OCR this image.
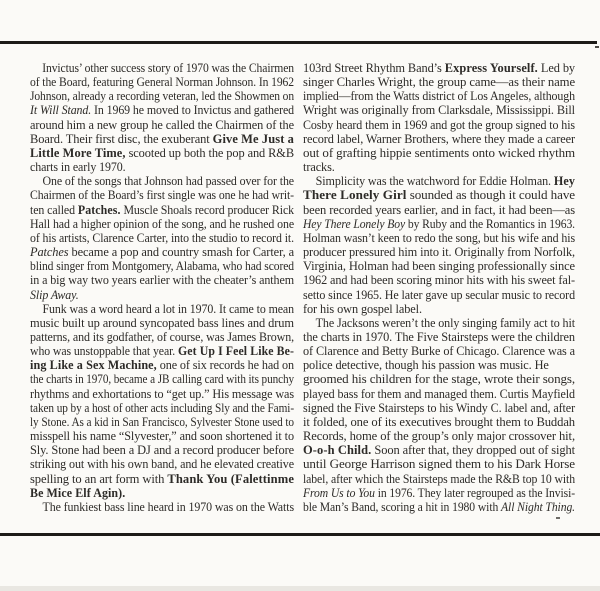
Invictus’ other success story of 1970 was the Chairmen
of the Board, featuring General Norman Johnson. In 1962
Johnson, already a recording veteran, led the Showmen on
It Will Stand. In 1969 he moved to Invictus and gathered
around him a new group he called the Chairmen of the
Board. Their first disc, the exuberant Give Me Just a
Little More Time, scooted up both the pop and R&B
charts in early 1970.
One of the songs that Johnson had passed over for the
Chairmen of the Board’s first single was one he had writ-
ten called Patches. Muscle Shoals record producer Rick
Hall had a higher opinion of the song, and he rushed one
of his artists, Clarence Carter, into the studio to record it.
Patches became a pop and country smash for Carter, a
blind singer from Montgomery, Alabama, who had scored
in a big way two years earlier with the cheater’s anthem
Slip Away.
Funk was a word heard a lot in 1970. It came to mean
music built up around syncopated bass lines and drum
patterns, and its godfather, of course, was James Brown,
who was unstoppable that year. Get Up I Feel Like Be-
ing Like a Sex Machine, one of six records he had on
the charts in 1970, became a JB calling card with its punchy
rhythms and exhortations to “get up.” His message was
taken up by a host of other acts including Sly and the Fami-
ly Stone. As a kid in San Francisco, Sylvester Stone used to
misspell his name “Slyvester,” and soon shortened it to
Sly. Stone had been a DJ and a record producer before
striking out with his own band, and he elevated creative
spelling to an art form with Thank You (Falettinme
Be Mice Elf Agin).
The funkiest bass line heard in 1970 was on the Watts
103rd Street Rhythm Band’s Express Yourself. Led by
singer Charles Wright, the group came—as their name
implied—from the Watts district of Los Angeles, although
Wright was originally from Clarksdale, Mississippi. Bill
Cosby heard them in 1969 and got the group signed to his
record label, Warner Brothers, where they made a career
out of grafting hippie sentiments onto wicked rhythm
tracks.
Simplicity was the watchword for Eddie Holman. Hey
There Lonely Girl sounded as though it could have
been recorded years earlier, and in fact, it had been—as
Hey There Lonely Boy by Ruby and the Romantics in 1963.
Holman wasn’t keen to redo the song, but his wife and his
producer pressured him into it. Originally from Norfolk,
Virginia, Holman had been singing professionally since
1962 and had been scoring minor hits with his sweet fal-
setto since 1965. He later gave up secular music to record
for his own gospel label.
The Jacksons weren’t the only singing family act to hit
the charts in 1970. The Five Stairsteps were the children
of Clarence and Betty Burke of Chicago. Clarence was a
police detective, though his passion was music. He
groomed his children for the stage, wrote their songs,
played bass for them and managed them. Curtis Mayfield
signed the Five Stairsteps to his Windy C. label and, after
it folded, one of its executives brought them to Buddah
Records, home of the group’s only major crossover hit,
O-o-h Child. Soon after that, they dropped out of sight
until George Harrison signed them to his Dark Horse
label, after which the Stairsteps made the R&B top 10 with
From Us to You in 1976. They later regrouped as the Invisi-
ble Man’s Band, scoring a hit in 1980 with All Night Thing.
